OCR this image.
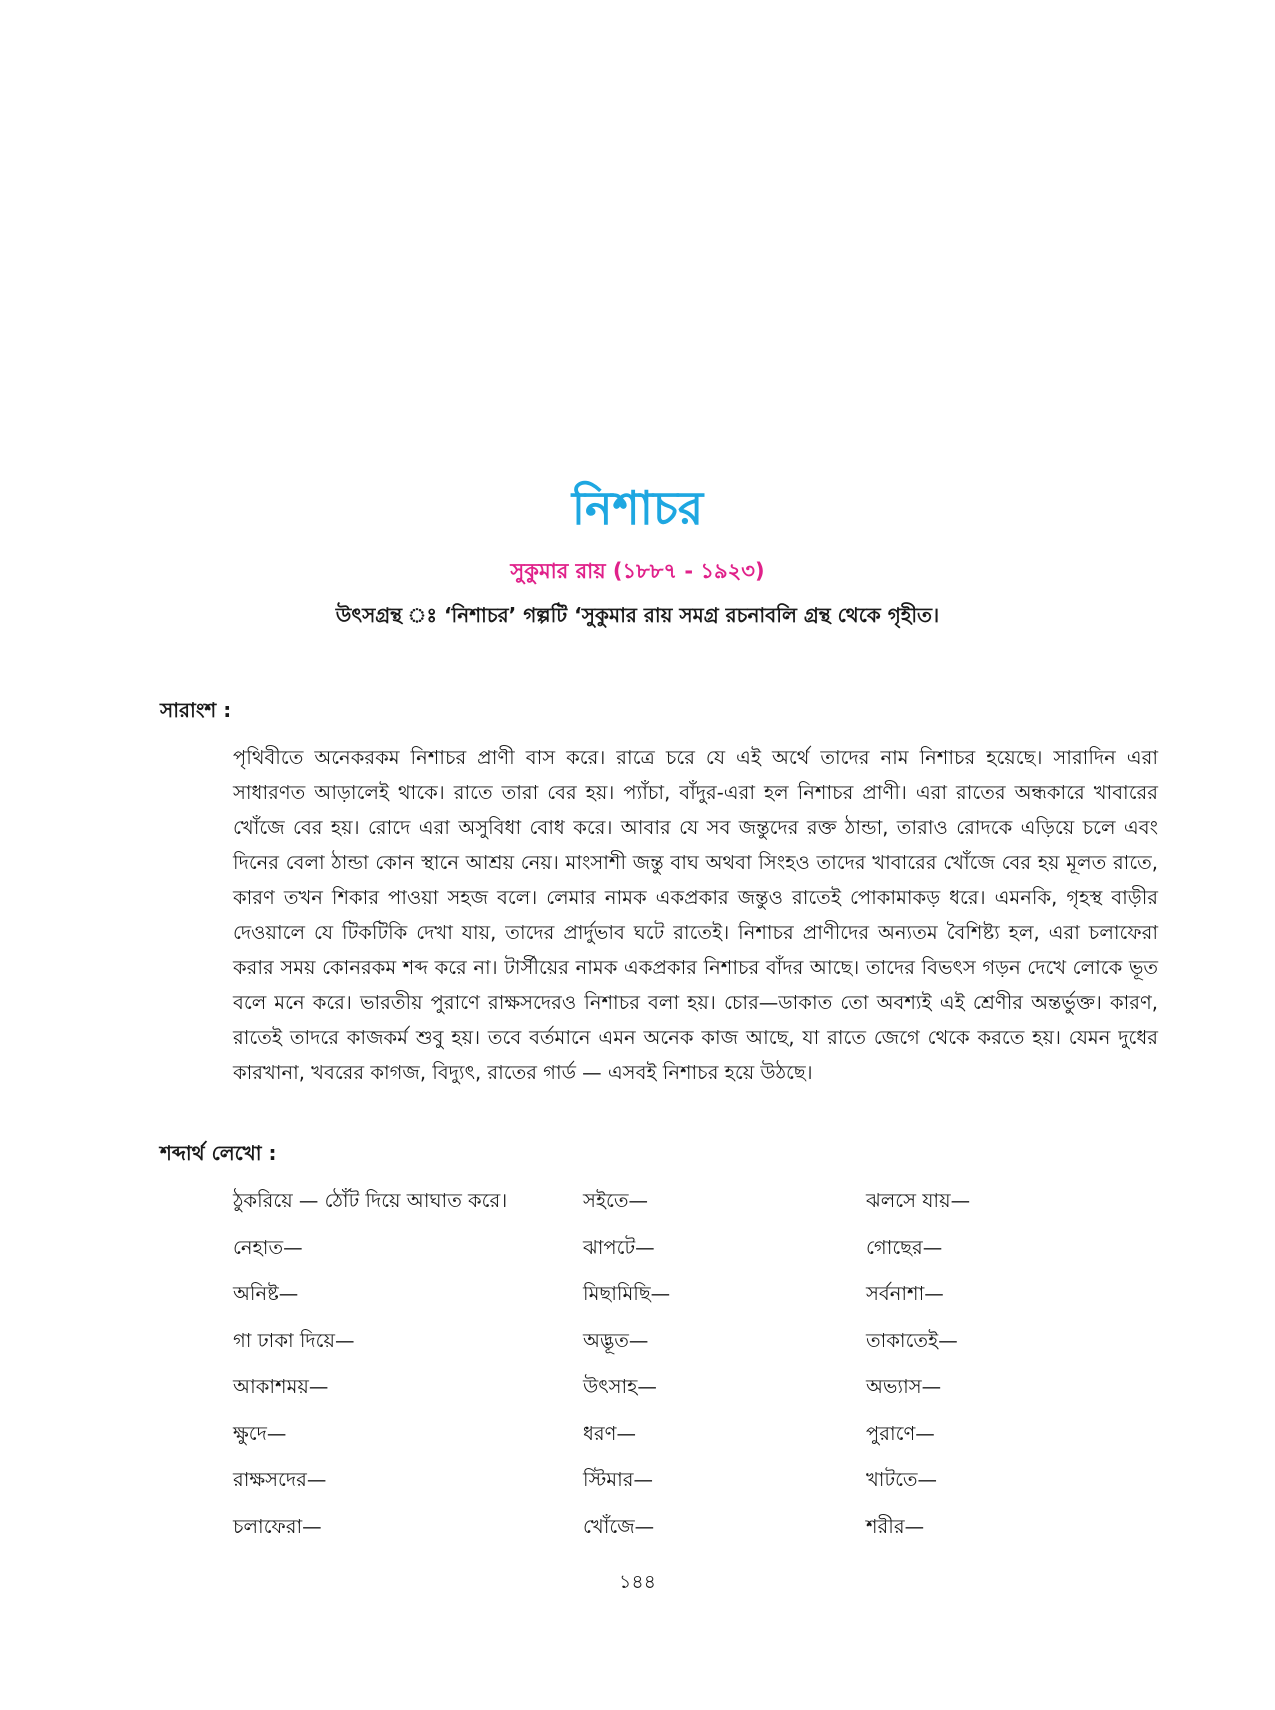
নিশাচর
সুকুমার রায় (১৮৮৭ - ১৯২৩)
উৎসগ্রন্থ ঃ ‘নিশাচর’ গল্পটি ‘সুকুমার রায় সমগ্র রচনাবলি গ্রন্থ থেকে গৃহীত।
সারাংশ :

পৃথিবীতে অনেকরকম নিশাচর প্রাণী বাস করে। রাত্রে চরে যে এই অর্থে তাদের নাম নিশাচর হয়েছে। সারাদিন এরা সাধারণত আড়ালেই থাকে। রাতে তারা বের হয়। প্যাঁচা, বাঁদুর-এরা হল নিশাচর প্রাণী। এরা রাতের অন্ধকারে খাবারের খোঁজে বের হয়। রোদে এরা অসুবিধা বোধ করে। আবার যে সব জন্তুদের রক্ত ঠান্ডা, তারাও রোদকে এড়িয়ে চলে এবং দিনের বেলা ঠান্ডা কোন স্থানে আশ্রয় নেয়। মাংসাশী জন্তু বাঘ অথবা সিংহও তাদের খাবারের খোঁজে বের হয় মূলত রাতে, কারণ তখন শিকার পাওয়া সহজ বলে। লেমার নামক একপ্রকার জন্তুও রাতেই পোকামাকড় ধরে। এমনকি, গৃহস্থ বাড়ীর দেওয়ালে যে টিকটিকি দেখা যায়, তাদের প্রার্দুভাব ঘটে রাতেই। নিশাচর প্রাণীদের অন্যতম বৈশিষ্ট্য হল, এরা চলাফেরা করার সময় কোনরকম শব্দ করে না। টার্সীয়ের নামক একপ্রকার নিশাচর বাঁদর আছে। তাদের বিভৎস গড়ন দেখে লোকে ভূত বলে মনে করে। ভারতীয় পুরাণে রাক্ষসদেরও নিশাচর বলা হয়। চোর—ডাকাত তো অবশ্যই এই শ্রেণীর অন্তর্ভুক্ত। কারণ, রাতেই তাদরে কাজকর্ম শুবু হয়। তবে বর্তমানে এমন অনেক কাজ আছে, যা রাতে জেগে থেকে করতে হয়। যেমন দুধের কারখানা, খবরের কাগজ, বিদ্যুৎ, রাতের গার্ড — এসবই নিশাচর হয়ে উঠছে।

শব্দার্থ লেখো :
ঠুকরিয়ে — ঠোঁট দিয়ে আঘাত করে।	সইতে—	ঝলসে যায়—
নেহাত—	ঝাপটে—	গোছের—
অনিষ্ট—	মিছামিছি—	সর্বনাশা—
গা ঢাকা দিয়ে—	অদ্ভূত—	তাকাতেই—
আকাশময়—	উৎসাহ—	অভ্যাস—
ক্ষুদে—	ধরণ—	পুরাণে—
রাক্ষসদের—	স্টিমার—	খাটতে—
চলাফেরা—	খোঁজে—	শরীর—
১৪৪
